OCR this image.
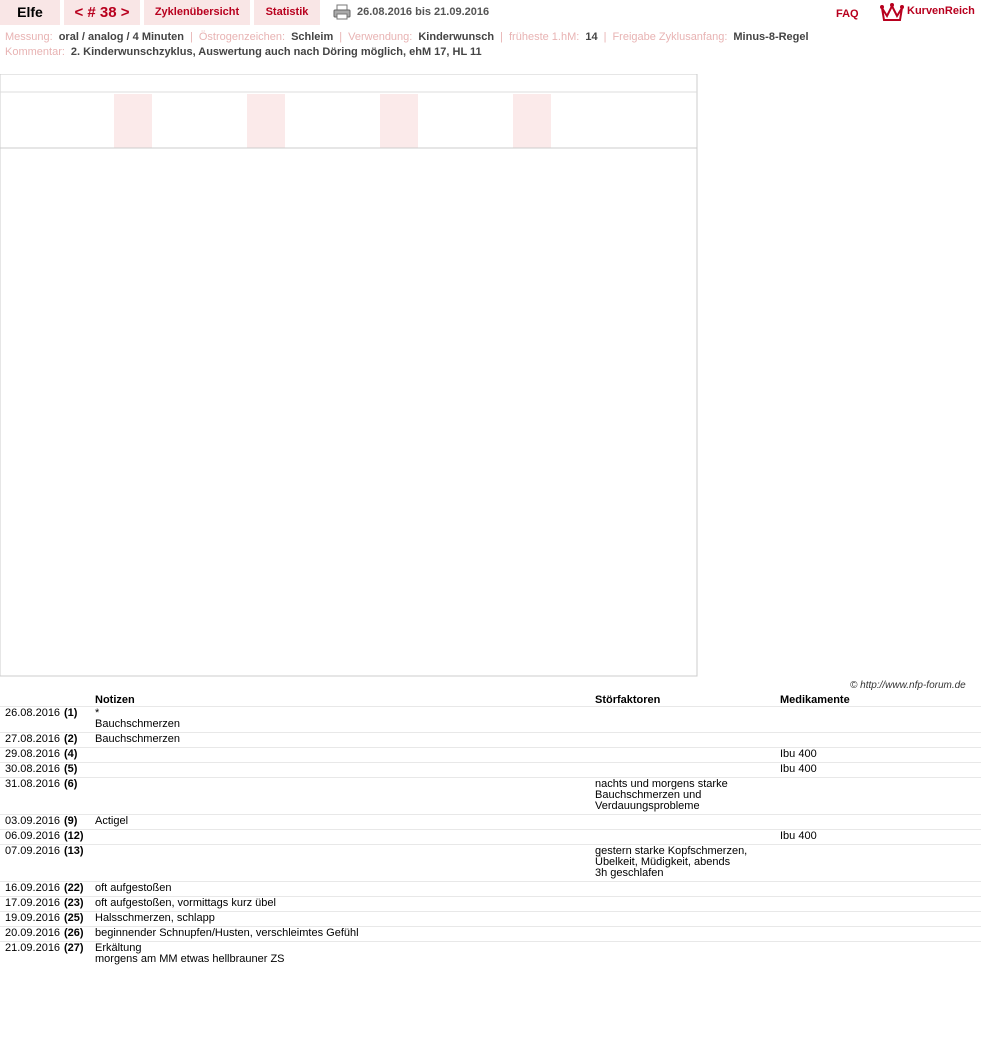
Elfe	< # 38 >	Zyklenübersicht	Statistik	26.08.2016 bis 21.09.2016	FAQ	KurvenReich
Messung: oral / analog / 4 Minuten | Östrogenzeichen: Schleim | Verwendung: Kinderwunsch | früheste 1.hM: 14 | Freigabe Zyklusanfang: Minus-8-Regel
Kommentar: 2. Kinderwunschzyklus, Auswertung auch nach Döring möglich, ehM 17, HL 11
© http://www.nfp-forum.de
		Notizen	Störfaktoren	Medikamente
26.08.2016	(1)	*
Bauchschmerzen		
27.08.2016	(2)	Bauchschmerzen		
29.08.2016	(4)			Ibu 400
30.08.2016	(5)			Ibu 400
31.08.2016	(6)		nachts und morgens starke
Bauchschmerzen und
Verdauungsprobleme	
03.09.2016	(9)	Actigel		
06.09.2016	(12)			Ibu 400
07.09.2016	(13)		gestern starke Kopfschmerzen,
Übelkeit, Müdigkeit, abends
3h geschlafen	
16.09.2016	(22)	oft aufgestoßen		
17.09.2016	(23)	oft aufgestoßen, vormittags kurz übel		
19.09.2016	(25)	Halsschmerzen, schlapp		
20.09.2016	(26)	beginnender Schnupfen/Husten, verschleimtes Gefühl		
21.09.2016	(27)	Erkältung
morgens am MM etwas hellbrauner ZS		
